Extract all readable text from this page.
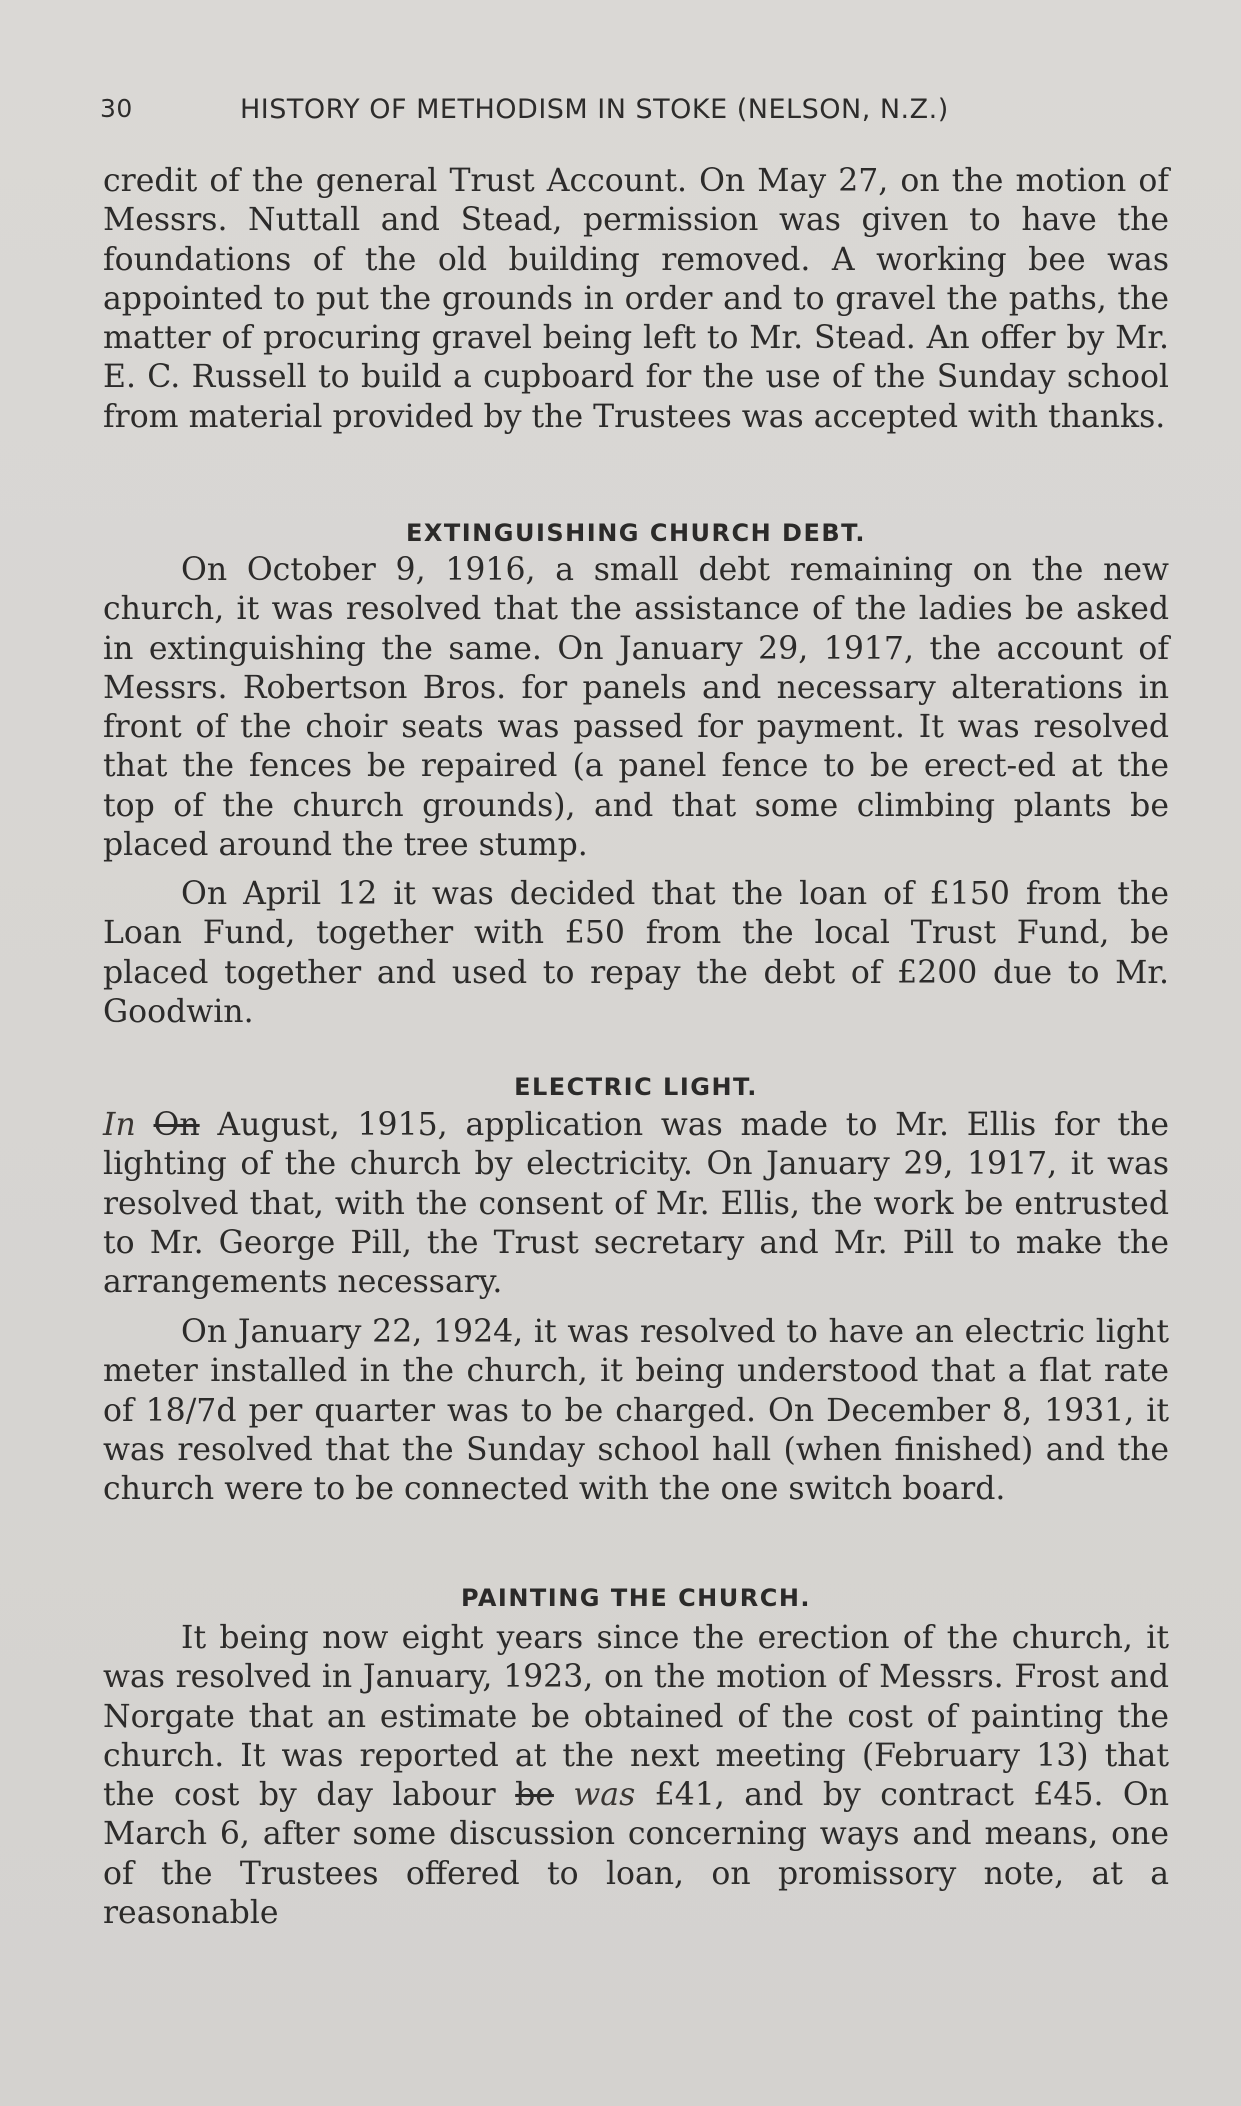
30	HISTORY OF METHODISM IN STOKE (NELSON, N.Z.)

credit of the general Trust Account. On May 27, on the motion of Messrs. Nuttall and Stead, permission was given to have the foundations of the old building removed. A working bee was appointed to put the grounds in order and to gravel the paths, the matter of procuring gravel being left to Mr. Stead. An offer by Mr. E. C. Russell to build a cupboard for the use of the Sunday school from material provided by the Trustees was accepted with thanks.

EXTINGUISHING CHURCH DEBT.

On October 9, 1916, a small debt remaining on the new church, it was resolved that the assistance of the ladies be asked in extinguishing the same. On January 29, 1917, the account of Messrs. Robertson Bros. for panels and necessary alterations in front of the choir seats was passed for payment. It was resolved that the fences be repaired (a panel fence to be erect-ed at the top of the church grounds), and that some climbing plants be placed around the tree stump.

On April 12 it was decided that the loan of £150 from the Loan Fund, together with £50 from the local Trust Fund, be placed together and used to repay the debt of £200 due to Mr. Goodwin.

ELECTRIC LIGHT.

In On August, 1915, application was made to Mr. Ellis for the lighting of the church by electricity. On January 29, 1917, it was resolved that, with the consent of Mr. Ellis, the work be entrusted to Mr. George Pill, the Trust secretary and Mr. Pill to make the arrangements necessary.

On January 22, 1924, it was resolved to have an electric light meter installed in the church, it being understood that a flat rate of 18/7d per quarter was to be charged. On December 8, 1931, it was resolved that the Sunday school hall (when finished) and the church were to be connected with the one switch board.

PAINTING THE CHURCH.

It being now eight years since the erection of the church, it was resolved in January, 1923, on the motion of Messrs. Frost and Norgate that an estimate be obtained of the cost of painting the church. It was reported at the next meeting (February 13) that the cost by day labour be was £41, and by contract £45. On March 6, after some discussion concerning ways and means, one of the Trustees offered to loan, on promissory note, at a reasonable
